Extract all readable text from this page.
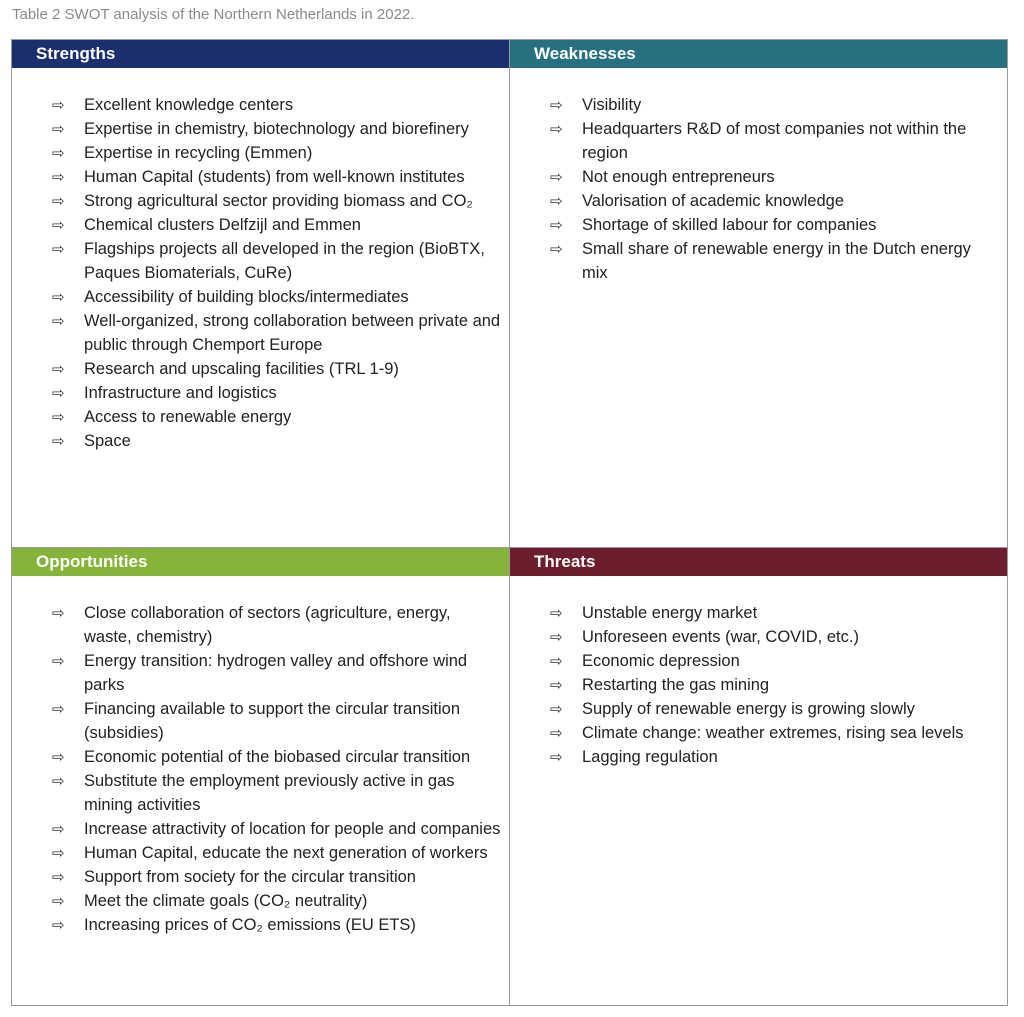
Table 2 SWOT analysis of the Northern Netherlands in 2022.
Strengths
⇨	Excellent knowledge centers
⇨	Expertise in chemistry, biotechnology and biorefinery
⇨	Expertise in recycling (Emmen)
⇨	Human Capital (students) from well-known institutes
⇨	Strong agricultural sector providing biomass and CO₂
⇨	Chemical clusters Delfzijl and Emmen
⇨	Flagships projects all developed in the region (BioBTX, Paques Biomaterials, CuRe)
⇨	Accessibility of building blocks/intermediates
⇨	Well-organized, strong collaboration between private and public through Chemport Europe
⇨	Research and upscaling facilities (TRL 1-9)
⇨	Infrastructure and logistics
⇨	Access to renewable energy
⇨	Space
Weaknesses
⇨	Visibility
⇨	Headquarters R&D of most companies not within the region
⇨	Not enough entrepreneurs
⇨	Valorisation of academic knowledge
⇨	Shortage of skilled labour for companies
⇨	Small share of renewable energy in the Dutch energy mix
Opportunities
⇨	Close collaboration of sectors (agriculture, energy, waste, chemistry)
⇨	Energy transition: hydrogen valley and offshore wind parks
⇨	Financing available to support the circular transition (subsidies)
⇨	Economic potential of the biobased circular transition
⇨	Substitute the employment previously active in gas mining activities
⇨	Increase attractivity of location for people and companies
⇨	Human Capital, educate the next generation of workers
⇨	Support from society for the circular transition
⇨	Meet the climate goals (CO₂ neutrality)
⇨	Increasing prices of CO₂ emissions (EU ETS)
Threats
⇨	Unstable energy market
⇨	Unforeseen events (war, COVID, etc.)
⇨	Economic depression
⇨	Restarting the gas mining
⇨	Supply of renewable energy is growing slowly
⇨	Climate change: weather extremes, rising sea levels
⇨	Lagging regulation
